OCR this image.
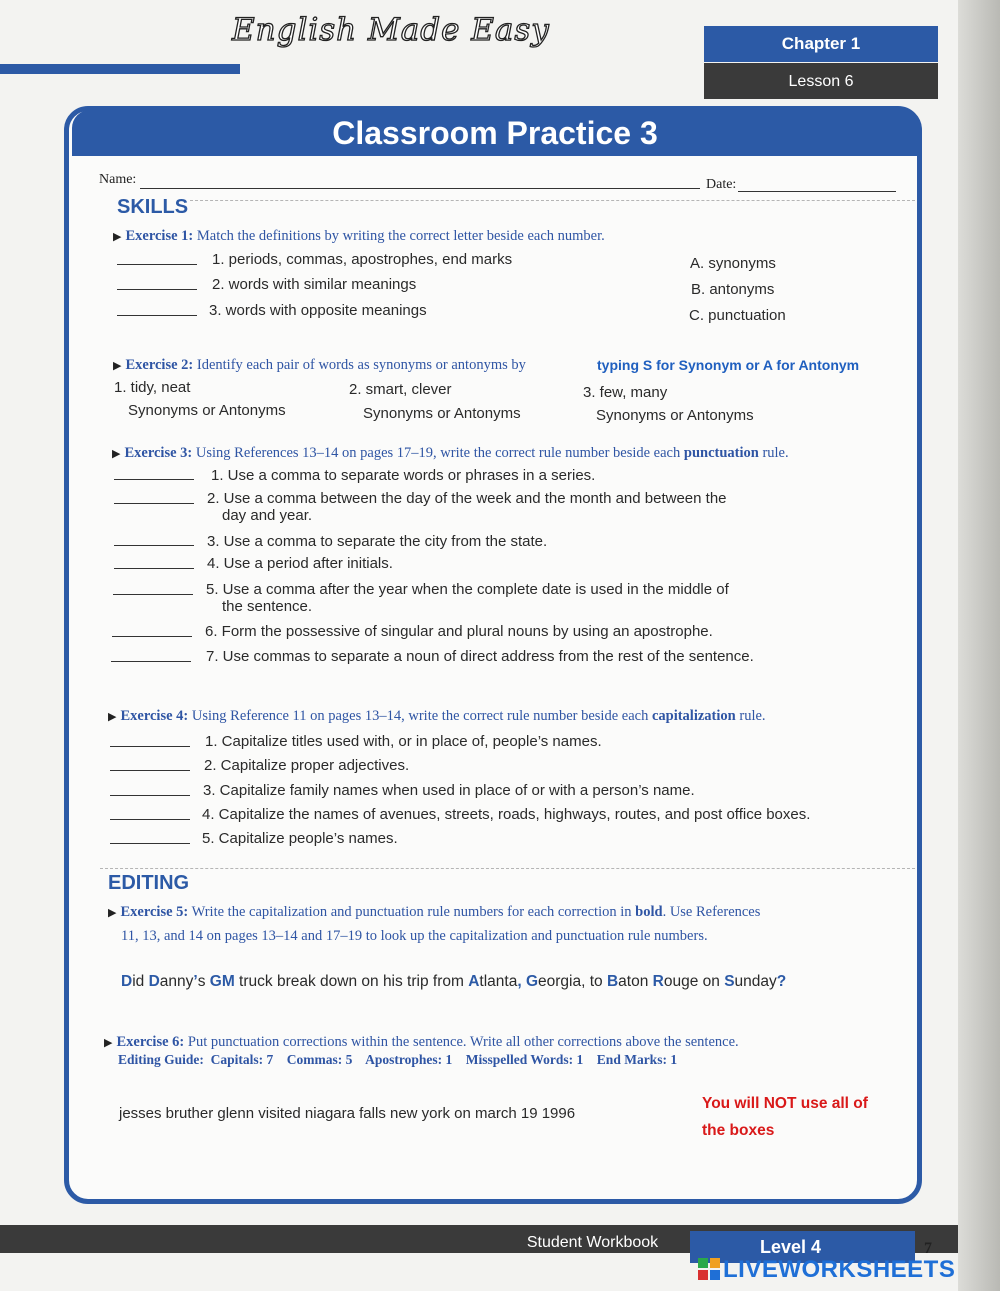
English Made Easy	Chapter 1
Lesson 6
Classroom Practice 3
Name:	Date:
SKILLS
▶ Exercise 1: Match the definitions by writing the correct letter beside each number.
1. periods, commas, apostrophes, end marks
2. words with similar meanings
3. words with opposite meanings
A. synonyms
B. antonyms
C. punctuation
▶ Exercise 2: Identify each pair of words as synonyms or antonyms by	typing S for Synonym or A for Antonym
1. tidy, neat
Synonyms or Antonyms
2. smart, clever
Synonyms or Antonyms
3. few, many
Synonyms or Antonyms
▶ Exercise 3: Using References 13–14 on pages 17–19, write the correct rule number beside each punctuation rule.
1. Use a comma to separate words or phrases in a series.
2. Use a comma between the day of the week and the month and between the
day and year.
3. Use a comma to separate the city from the state.
4. Use a period after initials.
5. Use a comma after the year when the complete date is used in the middle of
the sentence.
6. Form the possessive of singular and plural nouns by using an apostrophe.
7. Use commas to separate a noun of direct address from the rest of the sentence.
▶ Exercise 4: Using Reference 11 on pages 13–14, write the correct rule number beside each capitalization rule.
1. Capitalize titles used with, or in place of, people’s names.
2. Capitalize proper adjectives.
3. Capitalize family names when used in place of or with a person’s name.
4. Capitalize the names of avenues, streets, roads, highways, routes, and post office boxes.
5. Capitalize people’s names.
EDITING
▶ Exercise 5: Write the capitalization and punctuation rule numbers for each correction in bold. Use References
11, 13, and 14 on pages 13–14 and 17–19 to look up the capitalization and punctuation rule numbers.
Did Danny’s GM truck break down on his trip from Atlanta, Georgia, to Baton Rouge on Sunday?
▶ Exercise 6: Put punctuation corrections within the sentence. Write all other corrections above the sentence.
Editing Guide: Capitals: 7    Commas: 5    Apostrophes: 1    Misspelled Words: 1    End Marks: 1
jesses bruther glenn visited niagara falls new york on march 19 1996
You will NOT use all of
the boxes
Student Workbook	Level 4	7
LIVEWORKSHEETS
